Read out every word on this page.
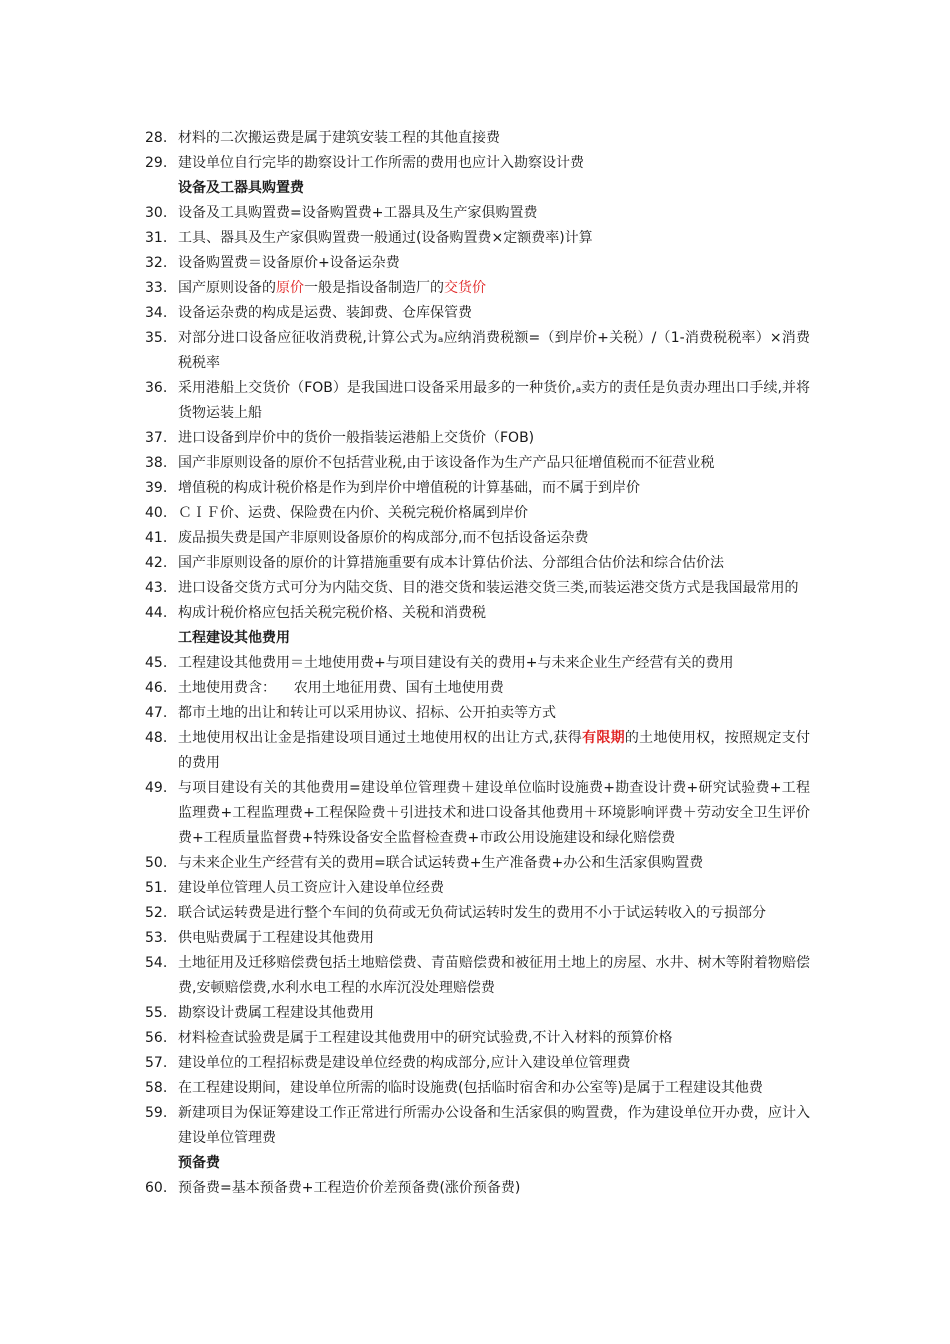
28. 材料的二次搬运费是属于建筑安装工程的其他直接费
29. 建设单位自行完毕的勘察设计工作所需的费用也应计入勘察设计费
设备及工器具购置费
30. 设备及工具购置费=设备购置费+工器具及生产家俱购置费
31. 工具、器具及生产家俱购置费一般通过(设备购置费×定额费率)计算
32. 设备购置费＝设备原价+设备运杂费
33. 国产原则设备的原价一般是指设备制造厂的交货价
34. 设备运杂费的构成是运费、装卸费、仓库保管费
35. 对部分进口设备应征收消费税,计算公式为ₐ应纳消费税额=（到岸价+关税）/（1-消费税税率）×消费税税率
36. 采用港船上交货价（FOB）是我国进口设备采用最多的一种货价,ₐ卖方的责任是负责办理出口手续,并将货物运装上船
37. 进口设备到岸价中的货价一般指装运港船上交货价（FOB)
38. 国产非原则设备的原价不包括营业税,由于该设备作为生产产品只征增值税而不征营业税
39. 增值税的构成计税价格是作为到岸价中增值税的计算基础，而不属于到岸价
40. ＣＩＦ价、运费、保险费在内价、关税完税价格属到岸价
41. 废品损失费是国产非原则设备原价的构成部分,而不包括设备运杂费
42. 国产非原则设备的原价的计算措施重要有成本计算估价法、分部组合估价法和综合估价法
43. 进口设备交货方式可分为内陆交货、目的港交货和装运港交货三类,而装运港交货方式是我国最常用的
44. 构成计税价格应包括关税完税价格、关税和消费税
工程建设其他费用
45. 工程建设其他费用＝土地使用费+与项目建设有关的费用+与未来企业生产经营有关的费用
46. 土地使用费含：    农用土地征用费、国有土地使用费
47. 都市土地的出让和转让可以采用协议、招标、公开拍卖等方式
48. 土地使用权出让金是指建设项目通过土地使用权的出让方式,获得有限期的土地使用权，按照规定支付的费用
49. 与项目建设有关的其他费用=建设单位管理费＋建设单位临时设施费+勘查设计费+研究试验费+工程监理费+工程监理费+工程保险费＋引进技术和进口设备其他费用＋环境影响评费＋劳动安全卫生评价费+工程质量监督费+特殊设备安全监督检查费+市政公用设施建设和绿化赔偿费
50. 与未来企业生产经营有关的费用=联合试运转费+生产准备费+办公和生活家俱购置费
51. 建设单位管理人员工资应计入建设单位经费
52. 联合试运转费是进行整个车间的负荷或无负荷试运转时发生的费用不小于试运转收入的亏损部分
53. 供电贴费属于工程建设其他费用
54. 土地征用及迁移赔偿费包括土地赔偿费、青苗赔偿费和被征用土地上的房屋、水井、树木等附着物赔偿费,安顿赔偿费,水利水电工程的水库沉没处理赔偿费
55. 勘察设计费属工程建设其他费用
56. 材料检查试验费是属于工程建设其他费用中的研究试验费,不计入材料的预算价格
57. 建设单位的工程招标费是建设单位经费的构成部分,应计入建设单位管理费
58. 在工程建设期间，建设单位所需的临时设施费(包括临时宿舍和办公室等)是属于工程建设其他费
59. 新建项目为保证筹建设工作正常进行所需办公设备和生活家俱的购置费，作为建设单位开办费，应计入建设单位管理费
预备费
60. 预备费=基本预备费+工程造价价差预备费(涨价预备费)
